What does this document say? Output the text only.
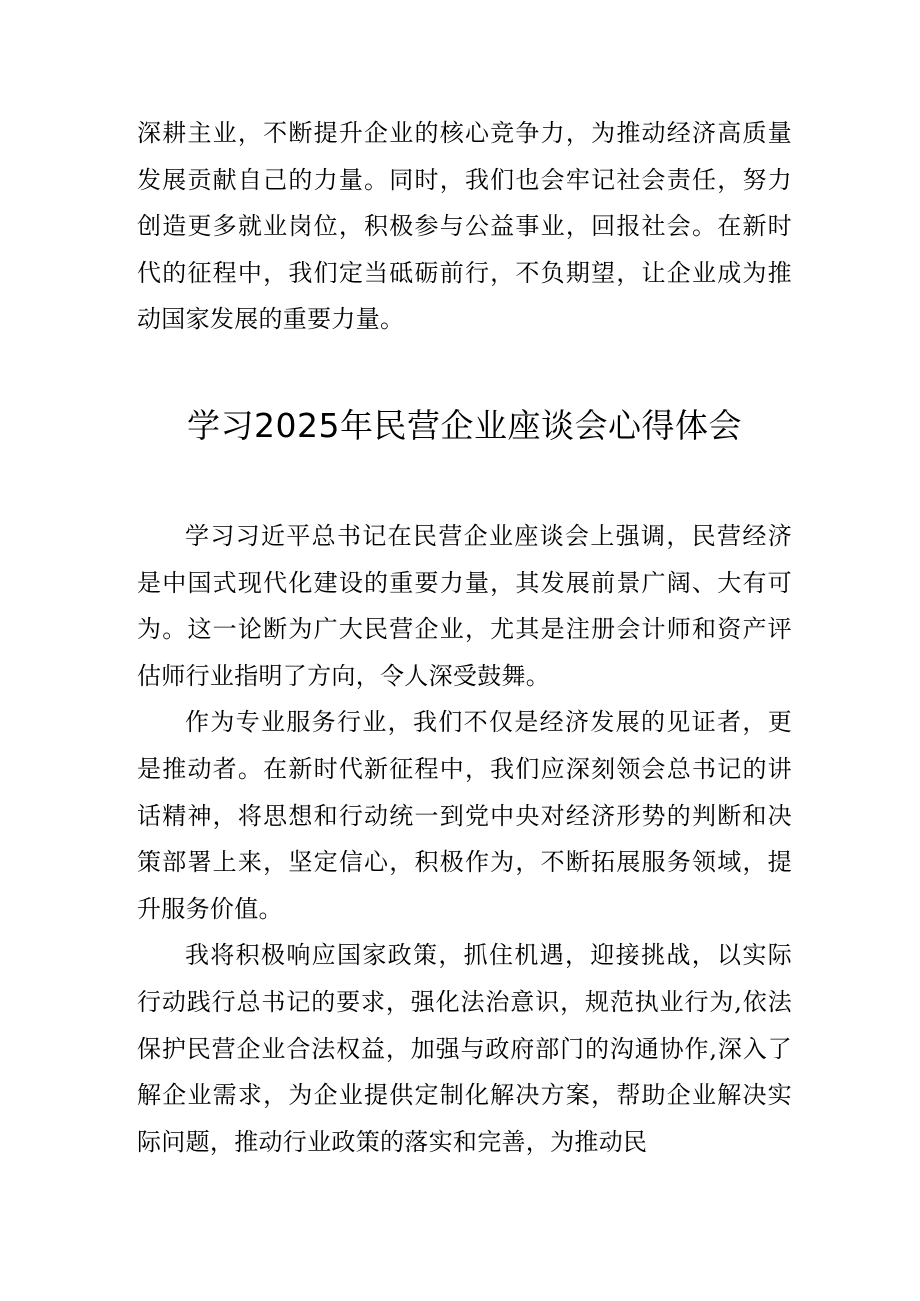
深耕主业，不断提升企业的核心竞争力，为推动经济高质量发展贡献自己的力量。同时，我们也会牢记社会责任，努力创造更多就业岗位，积极参与公益事业，回报社会。在新时代的征程中，我们定当砥砺前行，不负期望，让企业成为推动国家发展的重要力量。

学习2025年民营企业座谈会心得体会

学习习近平总书记在民营企业座谈会上强调，民营经济是中国式现代化建设的重要力量，其发展前景广阔、大有可为。这一论断为广大民营企业，尤其是注册会计师和资产评估师行业指明了方向，令人深受鼓舞。

作为专业服务行业，我们不仅是经济发展的见证者，更是推动者。在新时代新征程中，我们应深刻领会总书记的讲话精神，将思想和行动统一到党中央对经济形势的判断和决策部署上来，坚定信心，积极作为，不断拓展服务领域，提升服务价值。

我将积极响应国家政策，抓住机遇，迎接挑战，以实际行动践行总书记的要求，强化法治意识，规范执业行为,依法保护民营企业合法权益，加强与政府部门的沟通协作,深入了解企业需求，为企业提供定制化解决方案，帮助企业解决实际问题，推动行业政策的落实和完善，为推动民
